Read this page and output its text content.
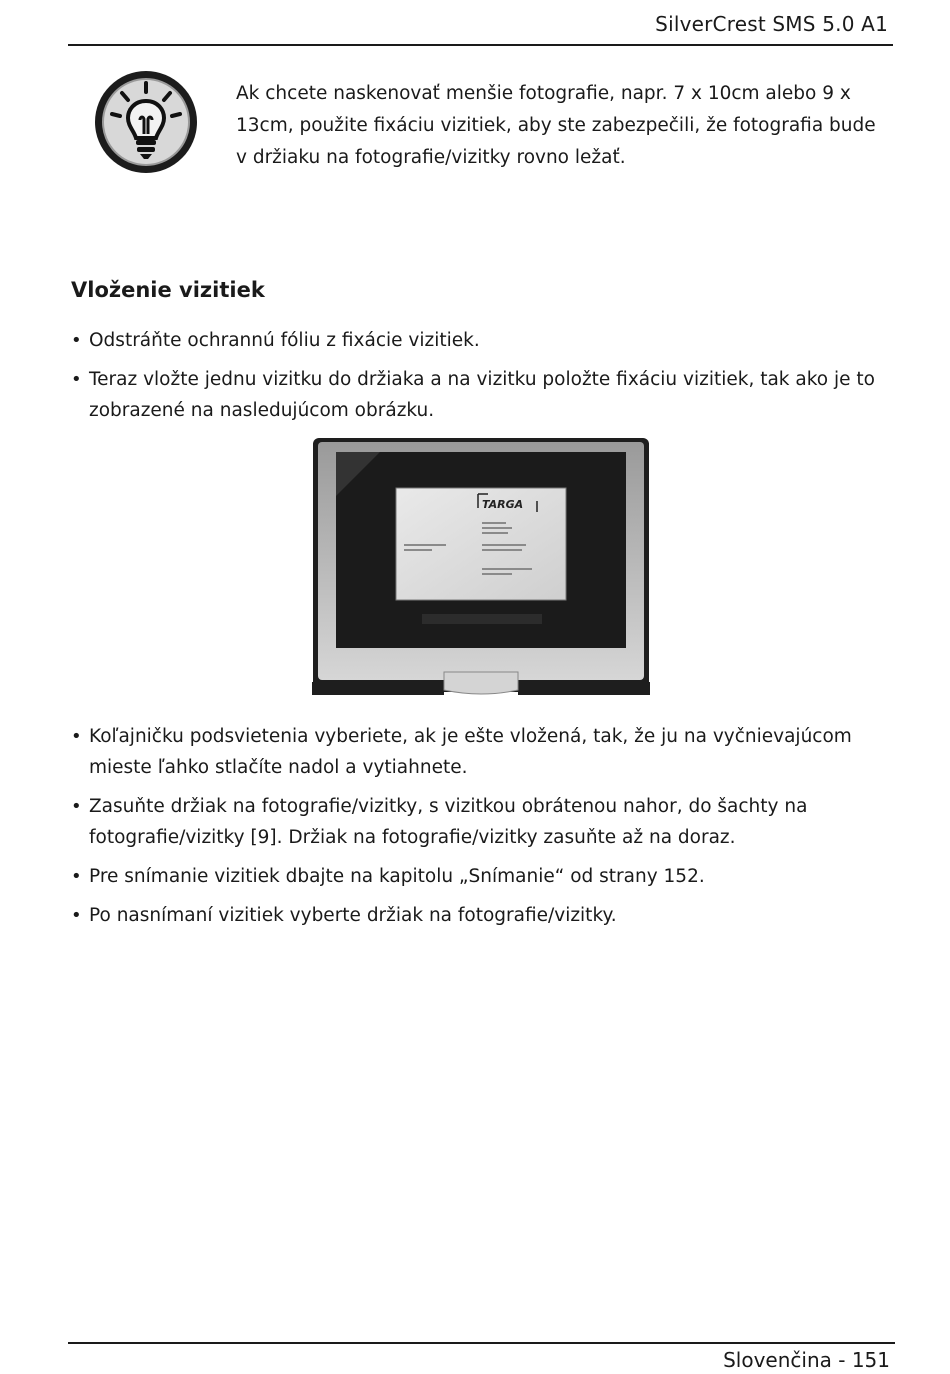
SilverCrest SMS 5.0 A1
Ak chcete naskenovať menšie fotografie, napr. 7 x 10cm alebo 9 x 13cm, použite fixáciu vizitiek, aby ste zabezpečili, že fotografia bude v držiaku na fotografie/vizitky rovno ležať.
Vloženie vizitiek
• Odstráňte ochrannú fóliu z fixácie vizitiek.
• Teraz vložte jednu vizitku do držiaka a na vizitku položte fixáciu vizitiek, tak ako je to zobrazené na nasledujúcom obrázku.
TARGA
• Koľajničku podsvietenia vyberiete, ak je ešte vložená, tak, že ju na vyčnievajúcom mieste ľahko stlačíte nadol a vytiahnete.
• Zasuňte držiak na fotografie/vizitky, s vizitkou obrátenou nahor, do šachty na fotografie/vizitky [9]. Držiak na fotografie/vizitky zasuňte až na doraz.
• Pre snímanie vizitiek dbajte na kapitolu „Snímanie“ od strany 152.
• Po nasnímaní vizitiek vyberte držiak na fotografie/vizitky.
Slovenčina - 151
